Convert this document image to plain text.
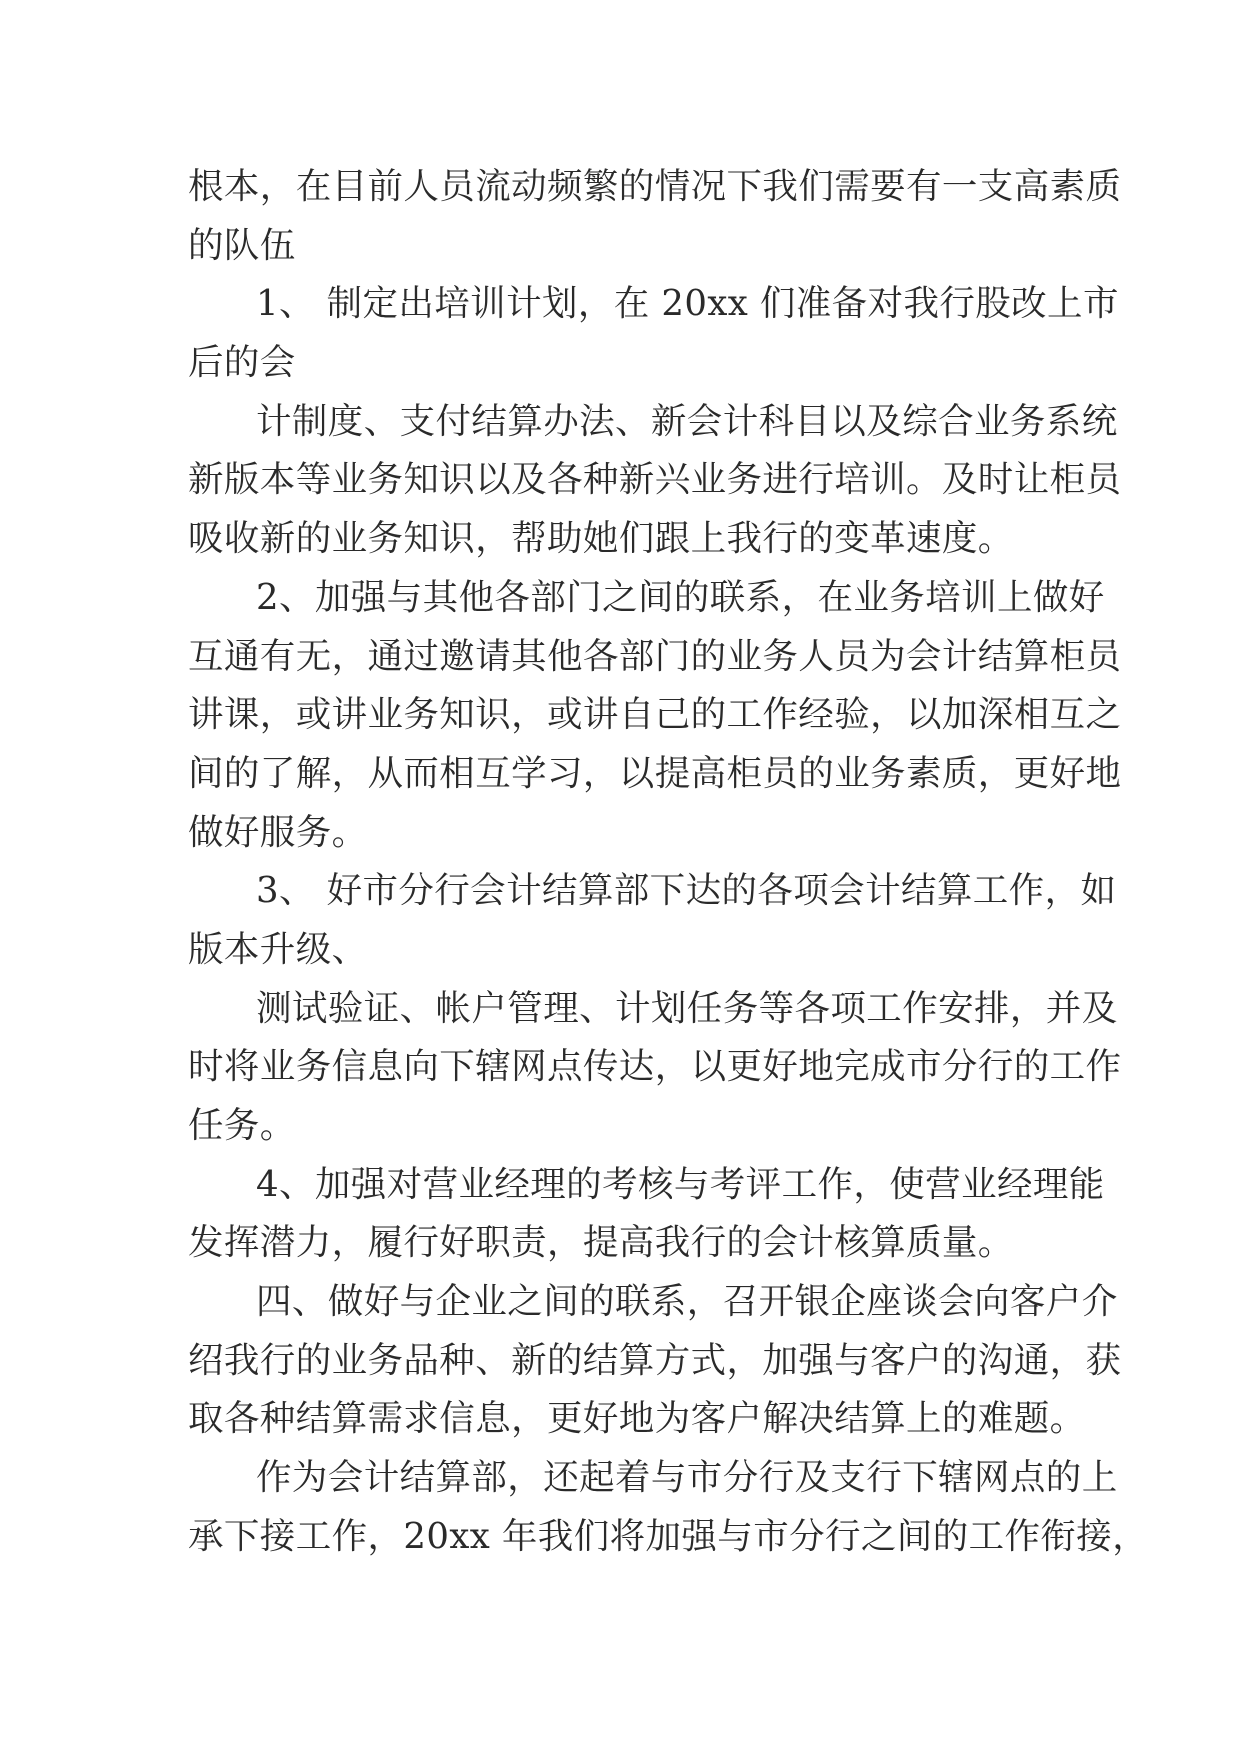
根本，在目前人员流动频繁的情况下我们需要有一支高素质
的队伍
1、 制定出培训计划，在 20xx 们准备对我行股改上市
后的会
计制度、支付结算办法、新会计科目以及综合业务系统
新版本等业务知识以及各种新兴业务进行培训。及时让柜员
吸收新的业务知识，帮助她们跟上我行的变革速度。
2、加强与其他各部门之间的联系，在业务培训上做好
互通有无，通过邀请其他各部门的业务人员为会计结算柜员
讲课，或讲业务知识，或讲自己的工作经验，以加深相互之
间的了解，从而相互学习，以提高柜员的业务素质，更好地
做好服务。
3、 好市分行会计结算部下达的各项会计结算工作，如
版本升级、
测试验证、帐户管理、计划任务等各项工作安排，并及
时将业务信息向下辖网点传达，以更好地完成市分行的工作
任务。
4、加强对营业经理的考核与考评工作，使营业经理能
发挥潜力，履行好职责，提高我行的会计核算质量。
四、做好与企业之间的联系，召开银企座谈会向客户介
绍我行的业务品种、新的结算方式，加强与客户的沟通，获
取各种结算需求信息，更好地为客户解决结算上的难题。
作为会计结算部，还起着与市分行及支行下辖网点的上
承下接工作，20xx 年我们将加强与市分行之间的工作衔接，
